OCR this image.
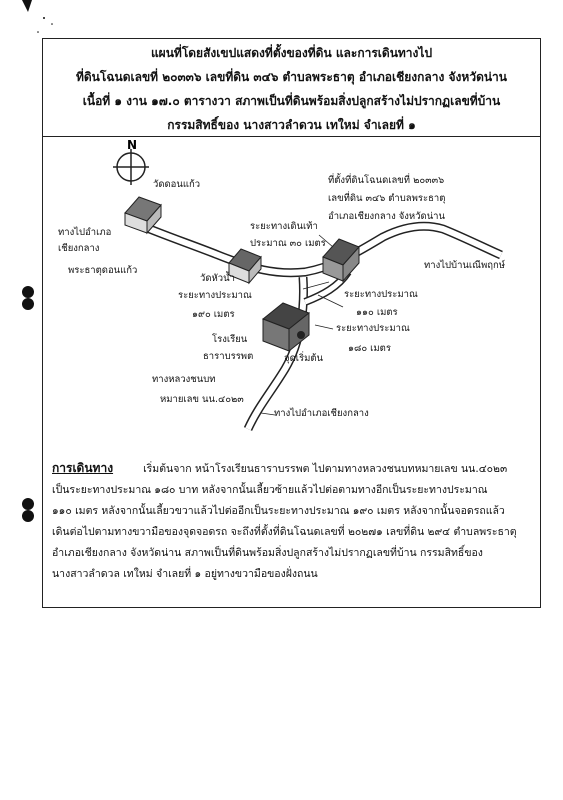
แผนที่โดยสังเขปแสดงที่ตั้งของที่ดิน และการเดินทางไป
ที่ดินโฉนดเลขที่ ๒๐๓๓๖ เลขที่ดิน ๓๔๖ ตำบลพระธาตุ อำเภอเชียงกลาง จังหวัดน่าน
เนื้อที่ ๑ งาน ๑๗.๐ ตารางวา สภาพเป็นที่ดินพร้อมสิ่งปลูกสร้างไม่ปรากฏเลขที่บ้าน
กรรมสิทธิ์ของ นางสาวลำดวน เทใหม่ จำเลยที่ ๑
N
วัดดอนแก้ว
ทางไปอำเภอ
เชียงกลาง
พระธาตุดอนแก้ว
วัดหัวน้ำ
ระยะทางเดินเท้า
ประมาณ ๓๐ เมตร
ที่ตั้งที่ดินโฉนดเลขที่ ๒๐๓๓๖
เลขที่ดิน ๓๔๖ ตำบลพระธาตุ
อำเภอเชียงกลาง จังหวัดน่าน
ทางไปบ้านเณีพฤกษ์
ระยะทางประมาณ
๑๙๐ เมตร
ระยะทางประมาณ
๑๑๐ เมตร
โรงเรียน
ธาราบรรพต
ระยะทางประมาณ
๑๘๐ เมตร
จุดเริ่มต้น
ทางหลวงชนบท
หมายเลข นน.๔๐๒๓
ทางไปอำเภอเชียงกลาง

การเดินทาง	เริ่มต้นจาก หน้าโรงเรียนธาราบรรพต ไปตามทางหลวงชนบทหมายเลข นน.๔๐๒๓

เป็นระยะทางประมาณ ๑๘๐ บาท หลังจากนั้นเลี้ยวซ้ายแล้วไปต่อตามทางอีกเป็นระยะทางประมาณ

๑๑๐ เมตร หลังจากนั้นเลี้ยวขวาแล้วไปต่ออีกเป็นระยะทางประมาณ ๑๙๐ เมตร หลังจากนั้นจอดรถแล้ว

เดินต่อไปตามทางขวามือของจุดจอดรถ จะถึงที่ตั้งที่ดินโฉนดเลขที่ ๒๐๒๗๑ เลขที่ดิน ๒๙๔ ตำบลพระธาตุ

อำเภอเชียงกลาง จังหวัดน่าน สภาพเป็นที่ดินพร้อมสิ่งปลูกสร้างไม่ปรากฏเลขที่บ้าน กรรมสิทธิ์ของ

นางสาวลำดวล เทใหม่ จำเลยที่ ๑ อยู่ทางขวามือของฝั่งถนน
